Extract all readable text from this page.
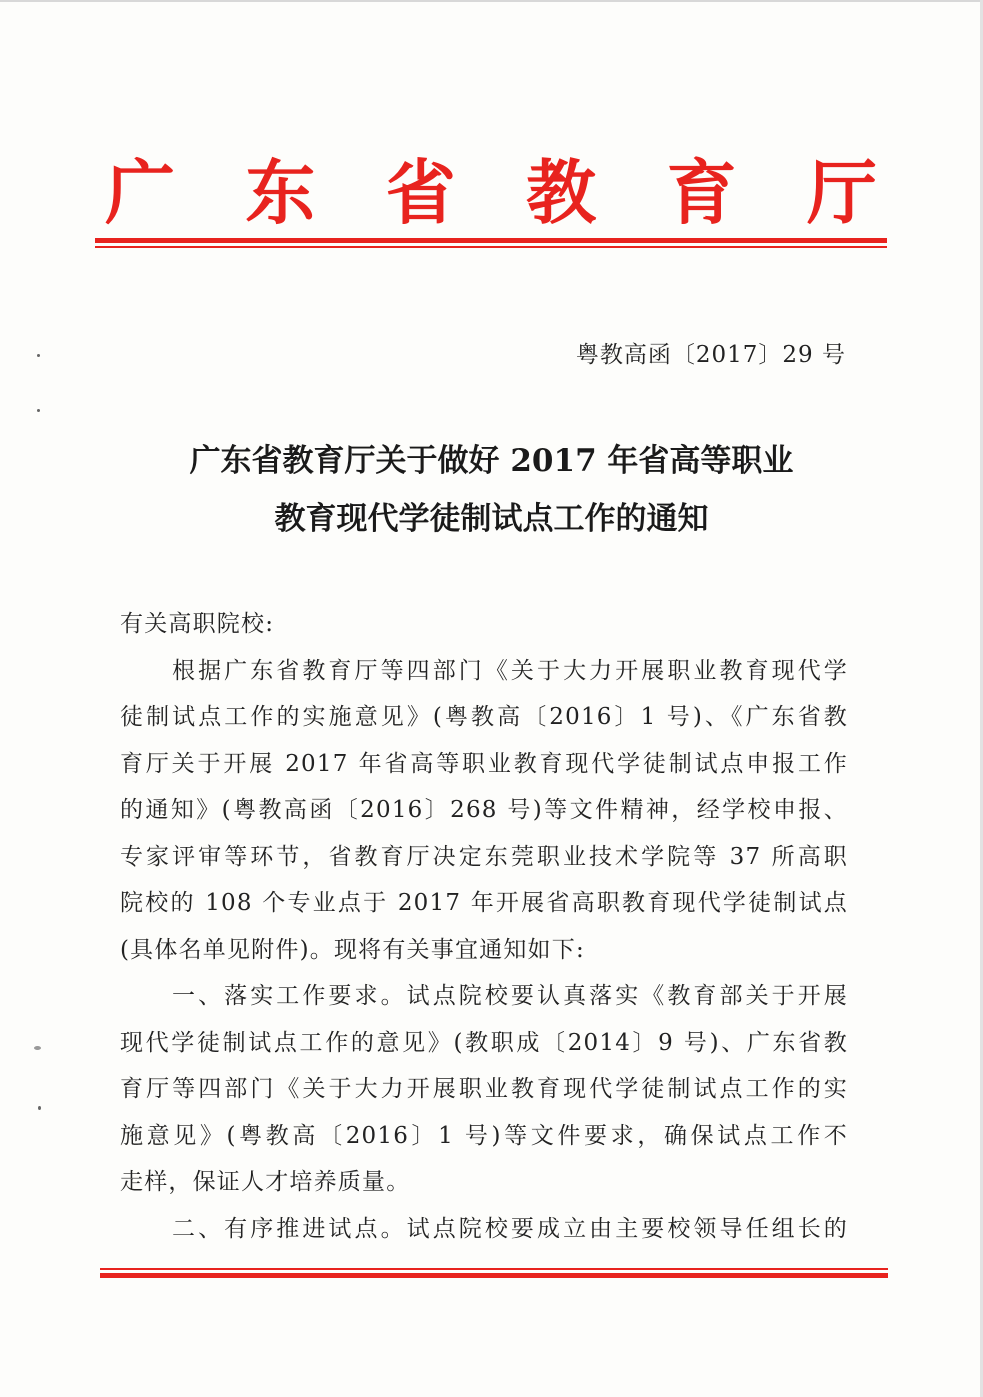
广 东 省 教 育 厅
粤教高函〔2017〕29 号
广东省教育厅关于做好 2017 年省高等职业
教育现代学徒制试点工作的通知
有关高职院校:
根据广东省教育厅等四部门《关于大力开展职业教育现代学
徒制试点工作的实施意见》(粤教高〔2016〕1 号)、《广东省教
育厅关于开展 2017 年省高等职业教育现代学徒制试点申报工作
的通知》(粤教高函〔2016〕268 号)等文件精神，经学校申报、
专家评审等环节，省教育厅决定东莞职业技术学院等 37 所高职
院校的 108 个专业点于 2017 年开展省高职教育现代学徒制试点
(具体名单见附件)。现将有关事宜通知如下:
一、落实工作要求。试点院校要认真落实《教育部关于开展
现代学徒制试点工作的意见》(教职成〔2014〕9 号)、广东省教
育厅等四部门《关于大力开展职业教育现代学徒制试点工作的实
施意见》(粤教高〔2016〕1 号)等文件要求，确保试点工作不
走样，保证人才培养质量。
二、有序推进试点。试点院校要成立由主要校领导任组长的
